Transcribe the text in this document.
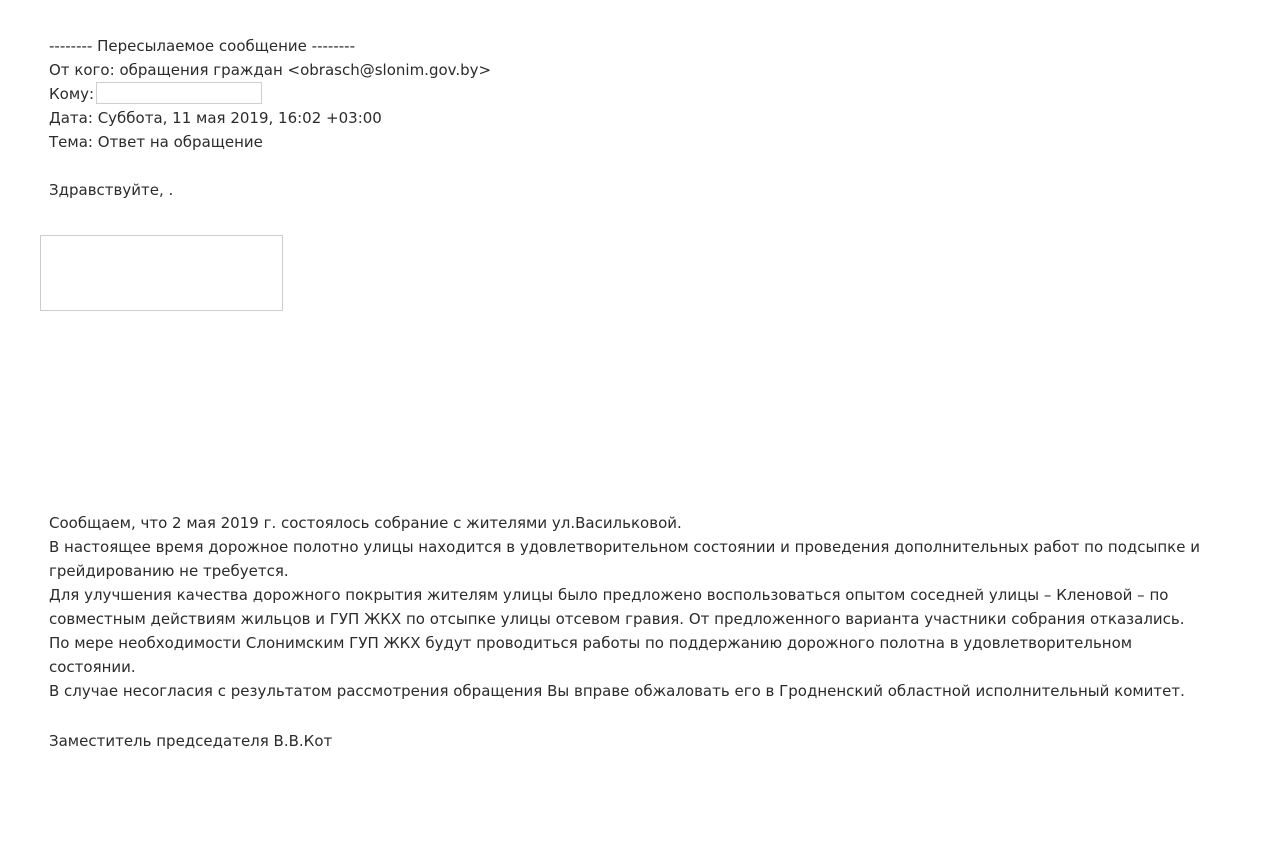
-------- Пересылаемое сообщение --------
От кого: обращения граждан <obrasch@slonim.gov.by>
Кому:
Дата: Суббота, 11 мая 2019, 16:02 +03:00
Тема: Ответ на обращение
Здравствуйте, .

Сообщаем, что 2 мая 2019 г. состоялось собрание с жителями ул.Васильковой.

В настоящее время дорожное полотно улицы находится в удовлетворительном состоянии и проведения дополнительных работ по подсыпке и

грейдированию не требуется.

Для улучшения качества дорожного покрытия жителям улицы было предложено воспользоваться опытом соседней улицы – Кленовой – по

совместным действиям жильцов и ГУП ЖКХ по отсыпке улицы отсевом гравия. От предложенного варианта участники собрания отказались.

По мере необходимости Слонимским ГУП ЖКХ будут проводиться работы по поддержанию дорожного полотна в удовлетворительном

состоянии.

В случае несогласия с результатом рассмотрения обращения Вы вправе обжаловать его в Гродненский областной исполнительный комитет.

Заместитель председателя В.В.Кот
